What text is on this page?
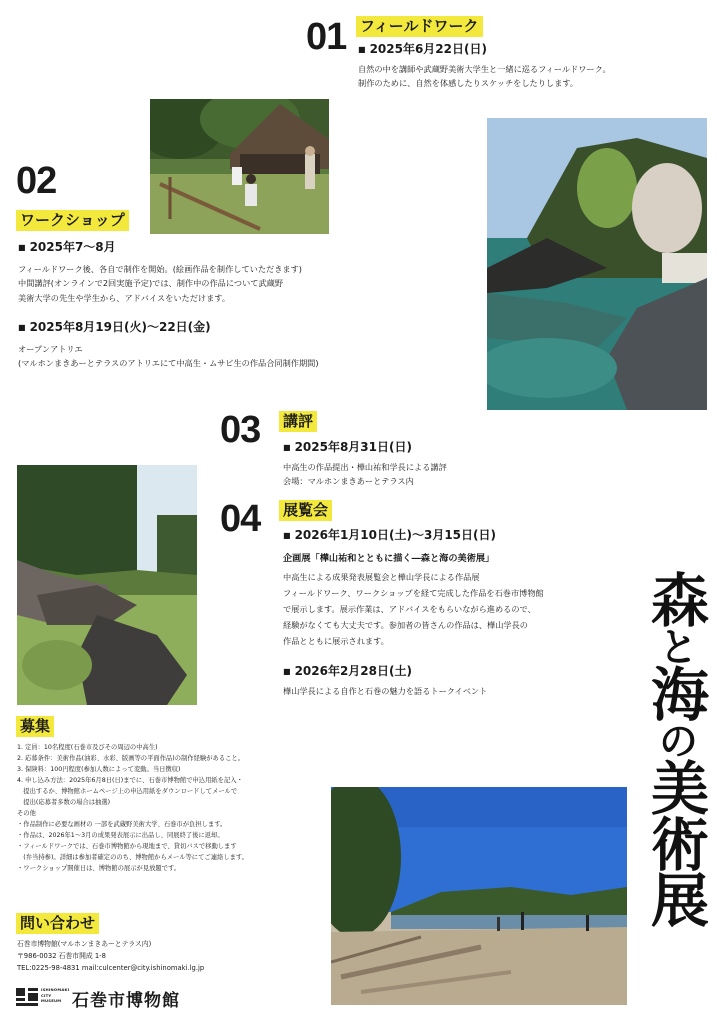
01 フィールドワーク
■ 2025年6月22日(日)
自然の中を講師や武蔵野美術大学生と一緒に巡るフィールドワーク。
制作のために、自然を体感したりスケッチをしたりします。
02
ワークショップ
■ 2025年7〜8月
フィールドワーク後、各自で制作を開始。(絵画作品を制作していただきます)
中間講評(オンラインで2回実施予定)では、制作中の作品について武蔵野
美術大学の先生や学生から、アドバイスをいただけます。
■ 2025年8月19日(火)〜22日(金)
オープンアトリエ
(マルホンまきあーとテラスのアトリエにて中高生・ムサビ生の作品合同制作期間)
03 講評
■ 2025年8月31日(日)
中高生の作品提出・樺山祐和学長による講評
会場：マルホンまきあーとテラス内
04 展覧会
■ 2026年1月10日(土)〜3月15日(日)
企画展「樺山祐和とともに描く―森と海の美術展」
中高生による成果発表展覧会と樺山学長による作品展
フィールドワーク、ワークショップを経て完成した作品を石巻市博物館
で展示します。展示作業は、アドバイスをもらいながら進めるので、
経験がなくても大丈夫です。参加者の皆さんの作品は、樺山学長の
作品とともに展示されます。
■ 2026年2月28日(土)
樺山学長による自作と石巻の魅力を語るトークイベント
森と海の美術展
募集
1. 定員：10名程度(石巻市及びその周辺の中高生)
2. 応募条件：美術作品(油彩、水彩、版画等の平面作品)の制作経験があること。
3. 保険料：100円程度(参加人数によって変動。当日徴収)
4. 申し込み方法：2025年6月8日(日)までに、石巻市博物館で申込用紙を記入・
　提出するか、博物館ホームページ上の申込用紙をダウンロードしてメールで
　提出(応募者多数の場合は抽選)
その他
・作品制作に必要な画材の 一部を武蔵野美術大学、石巻市が負担します。
・作品は、2026年1〜3月の成果発表展示に出品し、同展終了後に返却。
・フィールドワークでは、石巻市博物館から現地まで、貸切バスで移動します
　(弁当持参)。詳細は参加者確定ののち、博物館からメール等にてご連絡します。
・ワークショップ開催日は、博物館の展示が見放題です。
問い合わせ
石巻市博物館(マルホンまきあーとテラス内)
〒986-0032 石巻市開成 1-8
TEL:0225-98-4831 mail:culcenter@city.ishinomaki.lg.jp
ISHINOMAKI
CITY
MUSEUM 石巻市博物館
